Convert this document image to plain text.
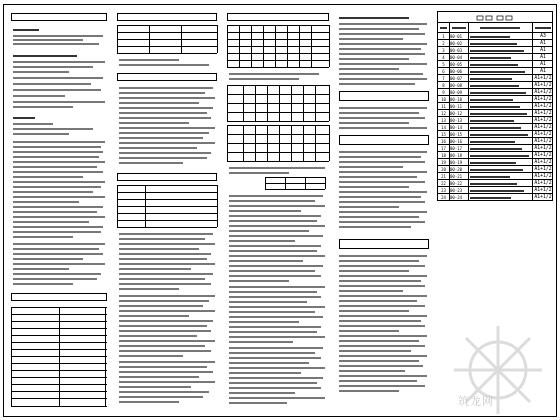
1	00-01	A3
2	00-02	A1
3	00-03	A1
4	00-04	A1
5	00-05	A1
6	00-06	A1
7	00-07	A1+1/2
8	00-08	A1+1/2
9	00-09	A1+1/2
10	00-10	A1+1/2
11	00-11	A1+1/2
12	00-12	A1+1/2
13	00-13	A1+1/2
14	00-14	A1+1/2
15	00-15	A1+1/2
16	00-16	A1+1/2
17	00-17	A1+1/2
18	00-18	A1+1/2
19	00-19	A1+1/2
20	00-20	A1+1/2
21	00-21	A1+1/2
22	00-22	A1+1/2
23	00-23	A1+1/2
24	00-24	A1+1/2
筑龙网
